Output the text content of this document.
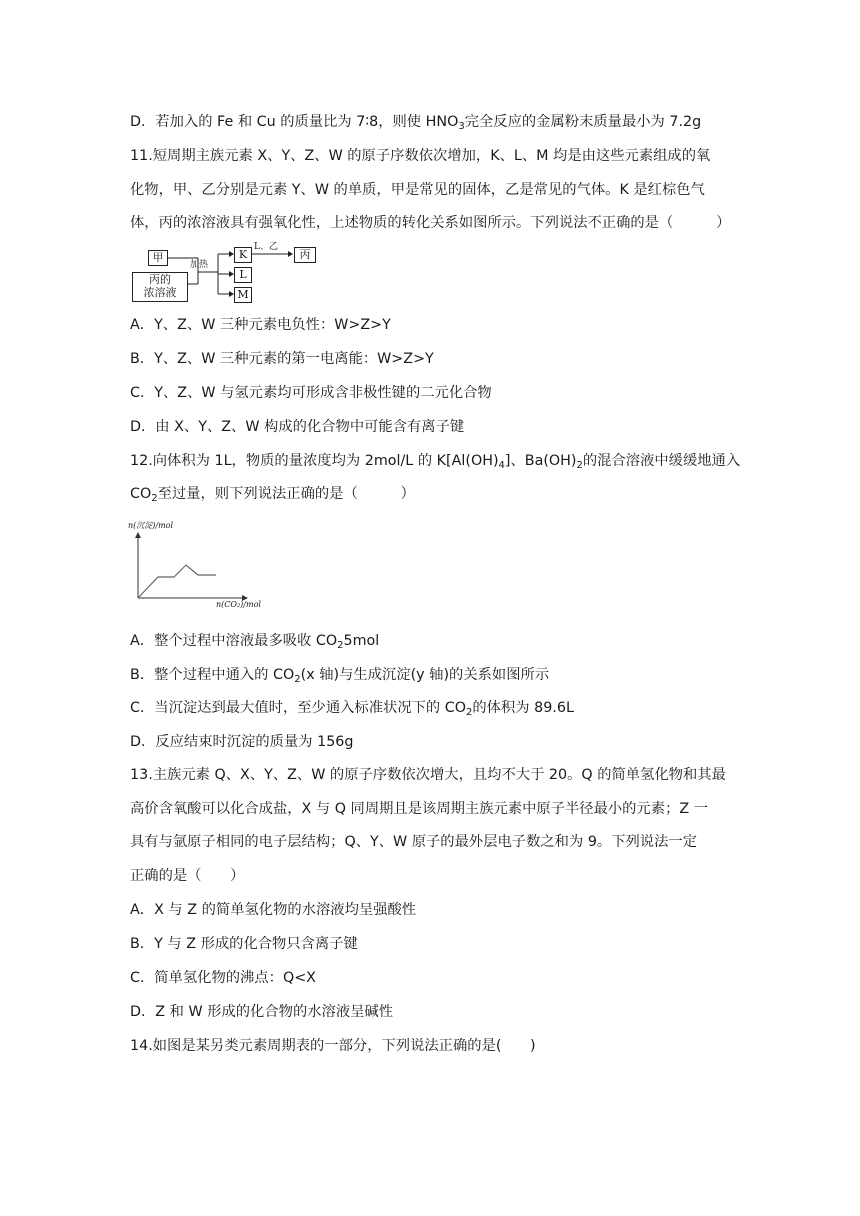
D．若加入的 Fe 和 Cu 的质量比为 7∶8，则使 $HNO_3$完全反应的金属粉末质量最小为 7.2g
11.短周期主族元素 X、Y、Z、W 的原子序数依次增加，K、L、M 均是由这些元素组成的氧
化物，甲、乙分别是元素 Y、W 的单质，甲是常见的固体，乙是常见的气体。K 是红棕色气
体，丙的浓溶液具有强氧化性，上述物质的转化关系如图所示。下列说法不正确的是（　　　）
甲
丙的
浓溶液
加热
K
L
M
L、乙
丙
A．Y、Z、W 三种元素电负性：W>Z>Y
B．Y、Z、W 三种元素的第一电离能：W>Z>Y
C．Y、Z、W 与氢元素均可形成含非极性键的二元化合物
D．由 X、Y、Z、W 构成的化合物中可能含有离子键
12.向体积为 1L，物质的量浓度均为 2mol/L 的 $K[Al(OH)_4]$、$Ba(OH)_2$的混合溶液中缓缓地通入
$CO_2$至过量，则下列说法正确的是（　　　）
n(沉淀)/mol
n(CO₂)/mol
A．整个过程中溶液最多吸收 $CO_25mol$
B．整个过程中通入的 $CO_2(x$ 轴)与生成沉淀(y 轴)的关系如图所示
C．当沉淀达到最大值时，至少通入标准状况下的 $CO_2$的体积为 89.6L
D．反应结束时沉淀的质量为 156g
13.主族元素 Q、X、Y、Z、W 的原子序数依次增大，且均不大于 20。Q 的简单氢化物和其最
高价含氧酸可以化合成盐，X 与 Q 同周期且是该周期主族元素中原子半径最小的元素；Z 一
具有与氩原子相同的电子层结构；Q、Y、W 原子的最外层电子数之和为 9。下列说法一定
正确的是（　　）
A．X 与 Z 的简单氢化物的水溶液均呈强酸性
B．Y 与 Z 形成的化合物只含离子键
C．简单氢化物的沸点：Q<X
D．Z 和 W 形成的化合物的水溶液呈碱性
14.如图是某另类元素周期表的一部分，下列说法正确的是(　　)
